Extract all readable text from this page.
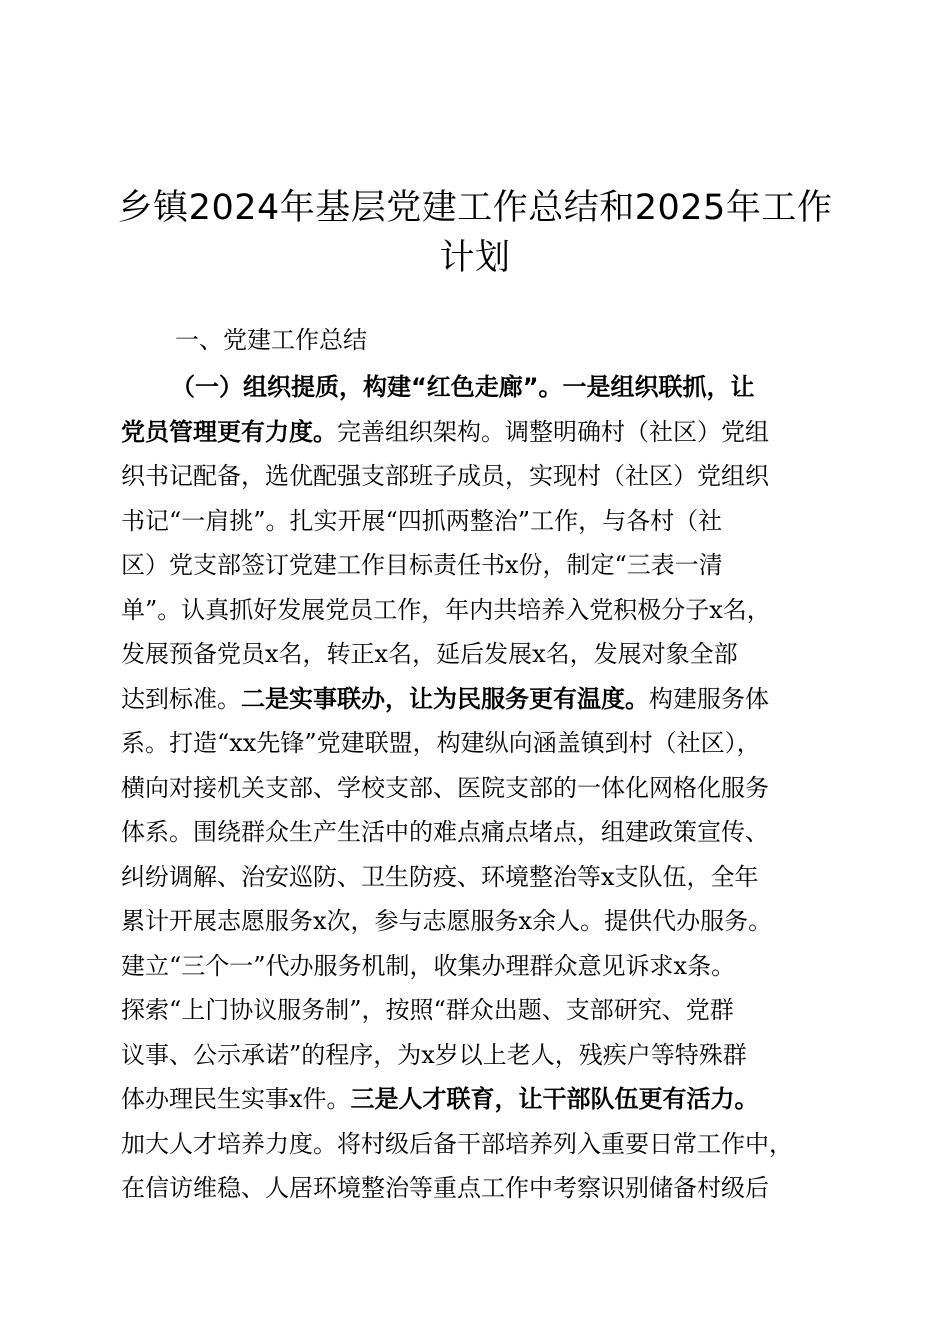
乡镇2024年基层党建工作总结和2025年工作
计划
一、党建工作总结
（一）组织提质，构建“红色走廊”。一是组织联抓，让
党员管理更有力度。完善组织架构。调整明确村（社区）党组
织书记配备，选优配强支部班子成员，实现村（社区）党组织
书记“一肩挑”。扎实开展“四抓两整治”工作，与各村（社
区）党支部签订党建工作目标责任书x份，制定“三表一清
单”。认真抓好发展党员工作，年内共培养入党积极分子x名，
发展预备党员x名，转正x名，延后发展x名，发展对象全部
达到标准。二是实事联办，让为民服务更有温度。构建服务体
系。打造“xx先锋”党建联盟，构建纵向涵盖镇到村（社区），
横向对接机关支部、学校支部、医院支部的一体化网格化服务
体系。围绕群众生产生活中的难点痛点堵点，组建政策宣传、
纠纷调解、治安巡防、卫生防疫、环境整治等x支队伍，全年
累计开展志愿服务x次，参与志愿服务x余人。提供代办服务。
建立“三个一”代办服务机制，收集办理群众意见诉求x条。
探索“上门协议服务制”，按照“群众出题、支部研究、党群
议事、公示承诺”的程序，为x岁以上老人，残疾户等特殊群
体办理民生实事x件。三是人才联育，让干部队伍更有活力。
加大人才培养力度。将村级后备干部培养列入重要日常工作中，
在信访维稳、人居环境整治等重点工作中考察识别储备村级后
